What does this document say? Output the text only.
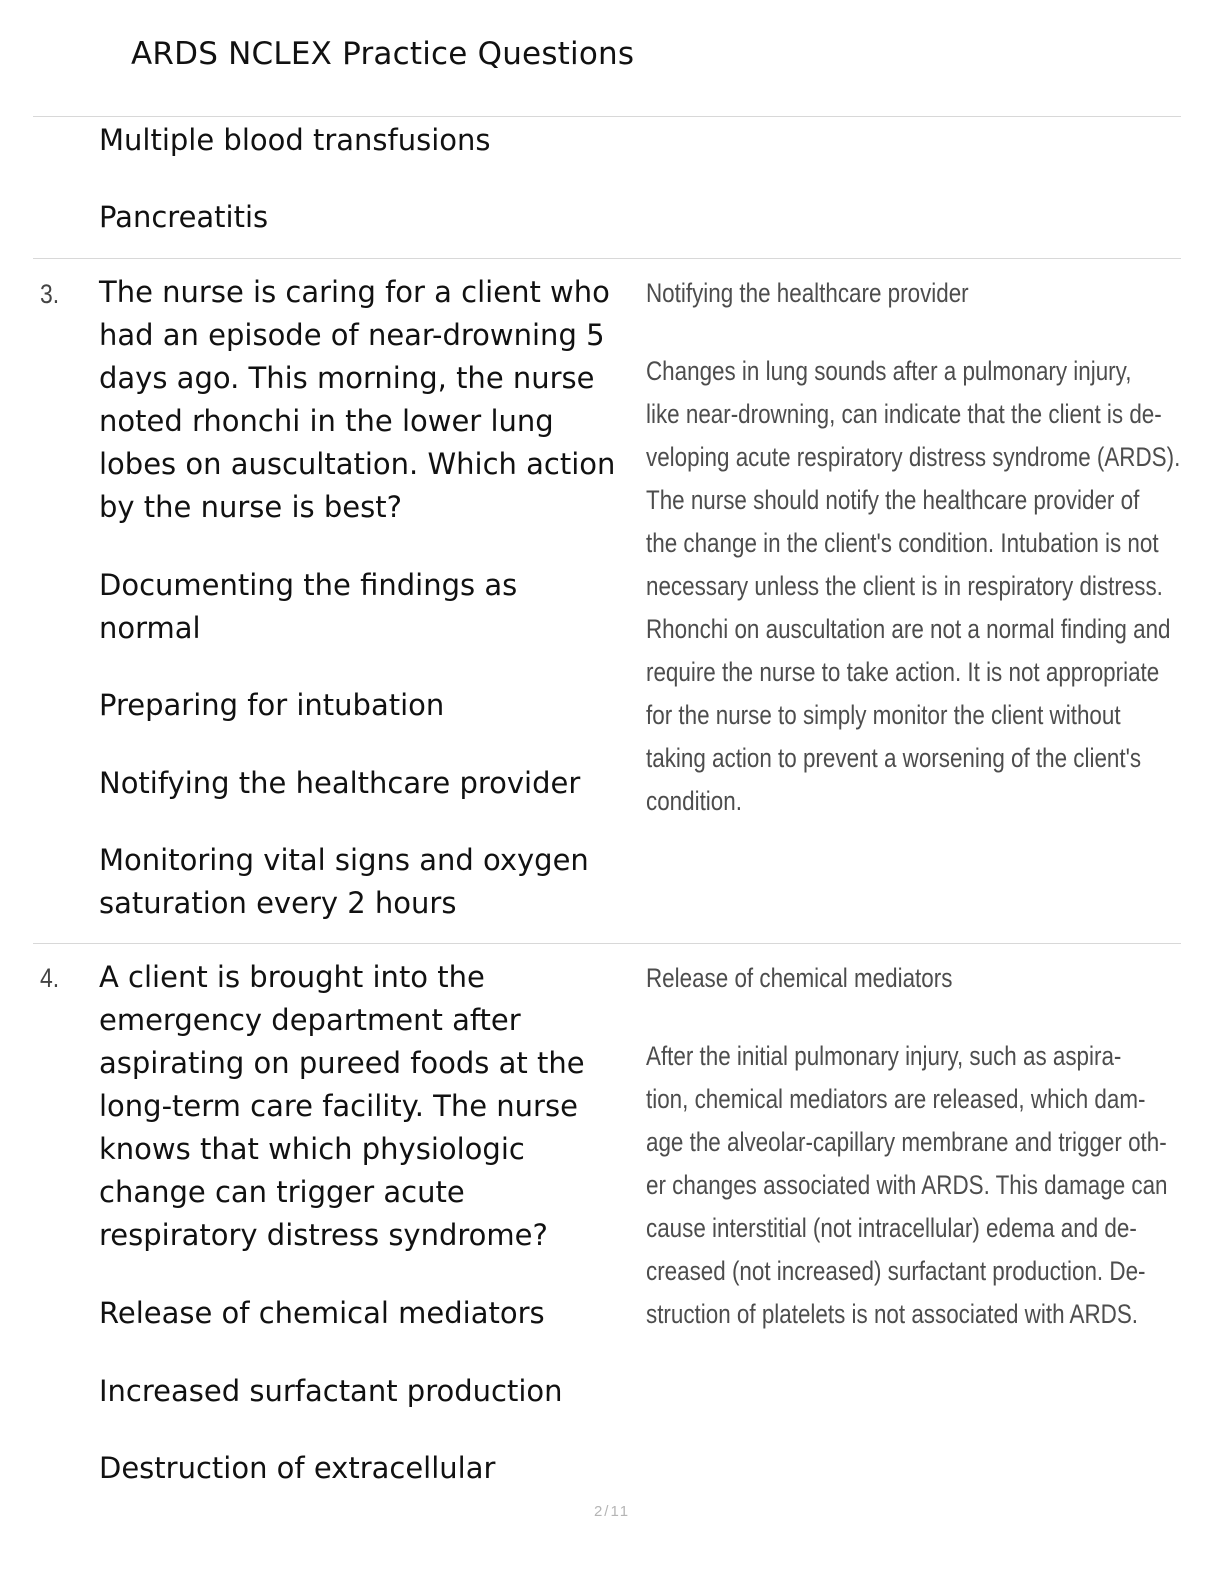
ARDS NCLEX Practice Questions
Multiple blood transfusions
Pancreatitis
3. The nurse is caring for a client who had an episode of near-drowning 5 days ago. This morning, the nurse noted rhonchi in the lower lung lobes on auscultation. Which action by the nurse is best?
Documenting the findings as normal
Preparing for intubation
Notifying the healthcare provider
Monitoring vital signs and oxygen saturation every 2 hours
Notifying the healthcare provider
Changes in lung sounds after a pulmonary injury,
like near-drowning, can indicate that the client is de-
veloping acute respiratory distress syndrome (ARDS).
The nurse should notify the healthcare provider of
the change in the client's condition. Intubation is not
necessary unless the client is in respiratory distress.
Rhonchi on auscultation are not a normal finding and
require the nurse to take action. It is not appropriate
for the nurse to simply monitor the client without
taking action to prevent a worsening of the client's
condition.
4. A client is brought into the emergency department after aspirating on pureed foods at the long-term care facility. The nurse knows that which physiologic change can trigger acute respiratory distress syndrome?
Release of chemical mediators
Increased surfactant production
Destruction of extracellular
Release of chemical mediators
After the initial pulmonary injury, such as aspira-
tion, chemical mediators are released, which dam-
age the alveolar-capillary membrane and trigger oth-
er changes associated with ARDS. This damage can
cause interstitial (not intracellular) edema and de-
creased (not increased) surfactant production. De-
struction of platelets is not associated with ARDS.
2/11
